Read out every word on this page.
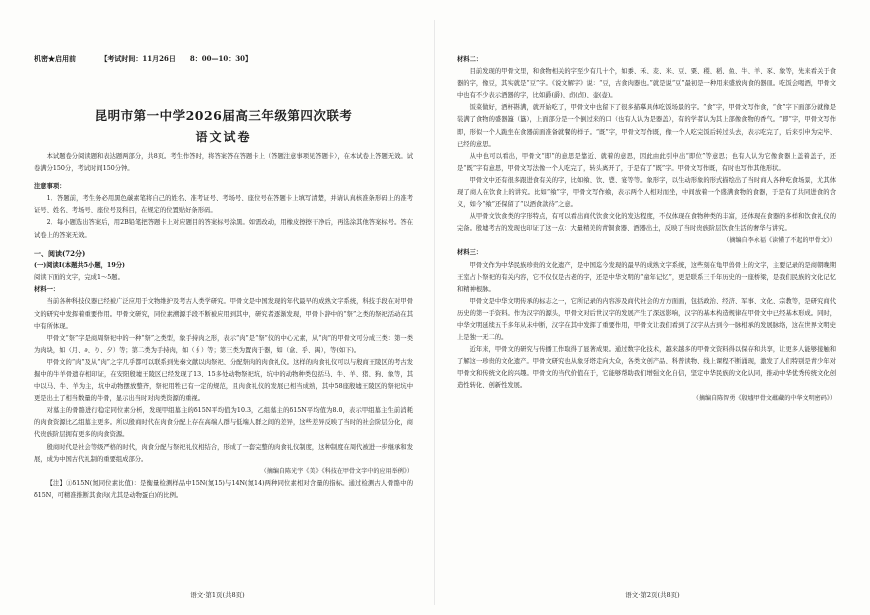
机密★启用前	【考试时间：11月26日　　8：00—10：30】
昆明市第一中学2026届高三年级第四次联考
语文试卷

本试题卷分阅读题和表达题两部分，共8页。考生作答时，将答案答在答题卡上（答题注意事项见答题卡），在本试卷上答题无效。试卷满分150分，考试时间150分钟。

注意事项：

1．答题前，考生务必用黑色碳素笔将自己的姓名、准考证号、考场号、座位号在答题卡上填写清楚，并请认真核准条形码上的准考证号、姓名、考场号、座位号及科目，在规定的位置贴好条形码。

2．每小题选出答案后，用2B铅笔把答题卡上对应题目的答案标号涂黑。如需改动，用橡皮擦擦干净后，再选涂其他答案标号。答在试卷上的答案无效。

一、阅读(72分)

(一)阅读Ⅰ(本题共5小题，19分)

阅读下面的文字，完成1～5题。

材料一：

当前各种科技仪器已经被广泛应用于文物维护及考古人类学研究。甲骨文是中国发现的年代最早的成熟文字系统，科技手段在对甲骨文的研究中发挥着重要作用。甲骨文研究，同位素溯源手段不断被应用到其中，研究者逐渐发现，甲骨卜辞中的“祭”之类的祭祀活动在其中有所体现。

甲骨文“祭”字是商周祭祀中的一种“祭”之类型，象手持肉之形，表示“肉”是“祭”仪的中心元素，从“肉”的甲骨文可分成三类：第一类为肉块，如（月、∂、り、夕）等；第二类为手持肉，如（∮）等；第三类为置肉于器，如（盒、乎、禺），等(如下)。

甲骨文的“肉”及从“肉”之字几乎都可以联系到先秦文献以肉祭祀、分配祭肉的肉食礼仪。这样的肉食礼仪可以与殷商王陵区的考古发掘中的牛羊骨遗存相印证，在安阳殷墟王陵区已经发现了13、15多处动物祭祀坑，坑中的动物种类包括马、牛、羊、猪、狗、象等，其中以马、牛、羊为主，坑中动物摆放整齐，祭祀用牲已有一定的规范，且肉食礼仪的发展已相当成熟，其中58座殷墟王陵区的祭祀坑中更是出土了相当数量的牛骨，显示出当时对肉类资源的重视。

对墓主的骨骼进行稳定同位素分析，发现甲组墓主的δ15N平均值为10.3，乙组墓主的δ15N平均值为8.0，表示甲组墓主生前消耗的肉食资源比乙组墓主更多。所以殷商时代在肉食分配上存在高端人群与低端人群之间的差异，这些差异反映了当时的社会阶层分化，商代贵族阶层拥有更多的肉食资源。

殷商时代是社会等级严格的时代，肉食分配与祭祀礼仪相结合，形成了一套完整的肉食礼仪制度，这种制度在周代被进一步继承和发展，成为中国古代礼制的重要组成部分。

（摘编自陈光宇《美》《科技在甲骨文字中的应用举例》）

【注】①δ15N(氮同位素比值)：是衡量检测样品中15N(氮15)与14N(氮14)两种同位素相对含量的指标。通过检测古人骨骼中的δ15N，可精准推断其食肉(尤其是动物蛋白)的比例。

语文·第1页(共8页)

材料二：

目前发现的甲骨文里，和食物相关的字至少有几十个，如黍、禾、麦、米、豆、粟、稷、稻、鱼、牛、羊、豕、象等，先来看关于食器的字，像豆，其实就是“豆”字。《说文解字》说：“豆，古食肉器也。”就是说“豆”最初是一种用来盛放肉食的器皿。吃饭会喝酒，甲骨文中也有不少表示酒器的字，比如爵(爵)、卣(卣)、壶(壶)。

饭菜做好，酒杯斟满，就开始吃了，甲骨文中也留下了很多描摹具体吃饭场景的字。“食”字，甲骨文写作食，“食”字下面部分就像是装满了食物的盛器簋（簋），上面部分是一个倒过来的口（也有人认为是器盖），有的学者认为其上部像食物的香气。“即”字，甲骨文写作即，形似一个人跪坐在食器前面准备就餐的样子。“既”字，甲骨文写作既，像一个人吃完饭后转过头去，表示吃完了，后来引申为完毕、已经的意思。

从中也可以看出，甲骨文“即”的意思是靠近、就着的意思，因此由此引申出“即位”等意思；也有人认为它像食器上盖着盖子，还是“既”字有意思，甲骨文写法像一个人吃完了，转头离开了，于是有了“既”字。甲骨文写作既，有时也写作其他形状。

甲骨文中还有很多跟进食有关的字，比如飨、饮、鬯、宴等等。象形字，以生动形象的形式描绘出了当时商人各种吃食场景，尤其体现了商人在饮食上的讲究。比如“飨”字，甲骨文写作飨，表示两个人相对而坐，中间放着一个盛满食物的食器，于是有了共同进食的含义，如今“飨”还保留了“以酒食款待”之意。

从甲骨文饮食类的字形特点，有可以看出商代饮食文化的发达程度，不仅体现在食物种类的丰富，还体现在食器的多样和饮食礼仪的完备。殷墟考古的发现也印证了这一点：大量精美的青铜食器、酒器出土，反映了当时贵族阶层饮食生活的奢华与讲究。

（摘编自李永福《读懂了不起的甲骨文》）

材料三：

甲骨文作为中华民族珍贵的文化遗产，是中国迄今发现的最早的成熟文字系统，这些刻在龟甲兽骨上的文字，主要记录的是商朝晚期王室占卜祭祀的有关内容，它不仅仅是古老的字，还是中华文明的“童年记忆”，更是联系三千年历史的一座桥梁，是我们民族的文化记忆和精神根脉。

甲骨文是中华文明传承的标志之一，它所记录的内容涉及商代社会的方方面面，包括政治、经济、军事、文化、宗教等，是研究商代历史的第一手资料。作为汉字的源头，甲骨文对后世汉字的发展产生了深远影响，汉字的基本构造规律在甲骨文中已经基本形成。同时，中华文明延续五千多年从未中断，汉字在其中发挥了重要作用，甲骨文让我们看到了汉字从古到今一脉相承的发展脉络，这在世界文明史上是独一无二的。

近年来，甲骨文的研究与传播工作取得了显著成果。通过数字化技术，越来越多的甲骨文资料得以保存和共享，让更多人能够接触和了解这一珍贵的文化遗产。甲骨文研究也从象牙塔走向大众，各类文创产品、科普读物、线上课程不断涌现，激发了人们特别是青少年对甲骨文和传统文化的兴趣。甲骨文的当代价值在于，它能够帮助我们增强文化自信，坚定中华民族的文化认同，推动中华优秀传统文化创造性转化、创新性发展。

（摘编自陈智勇《殷墟甲骨文蕴藏的中华文明密码》）

语文·第2页(共8页)
